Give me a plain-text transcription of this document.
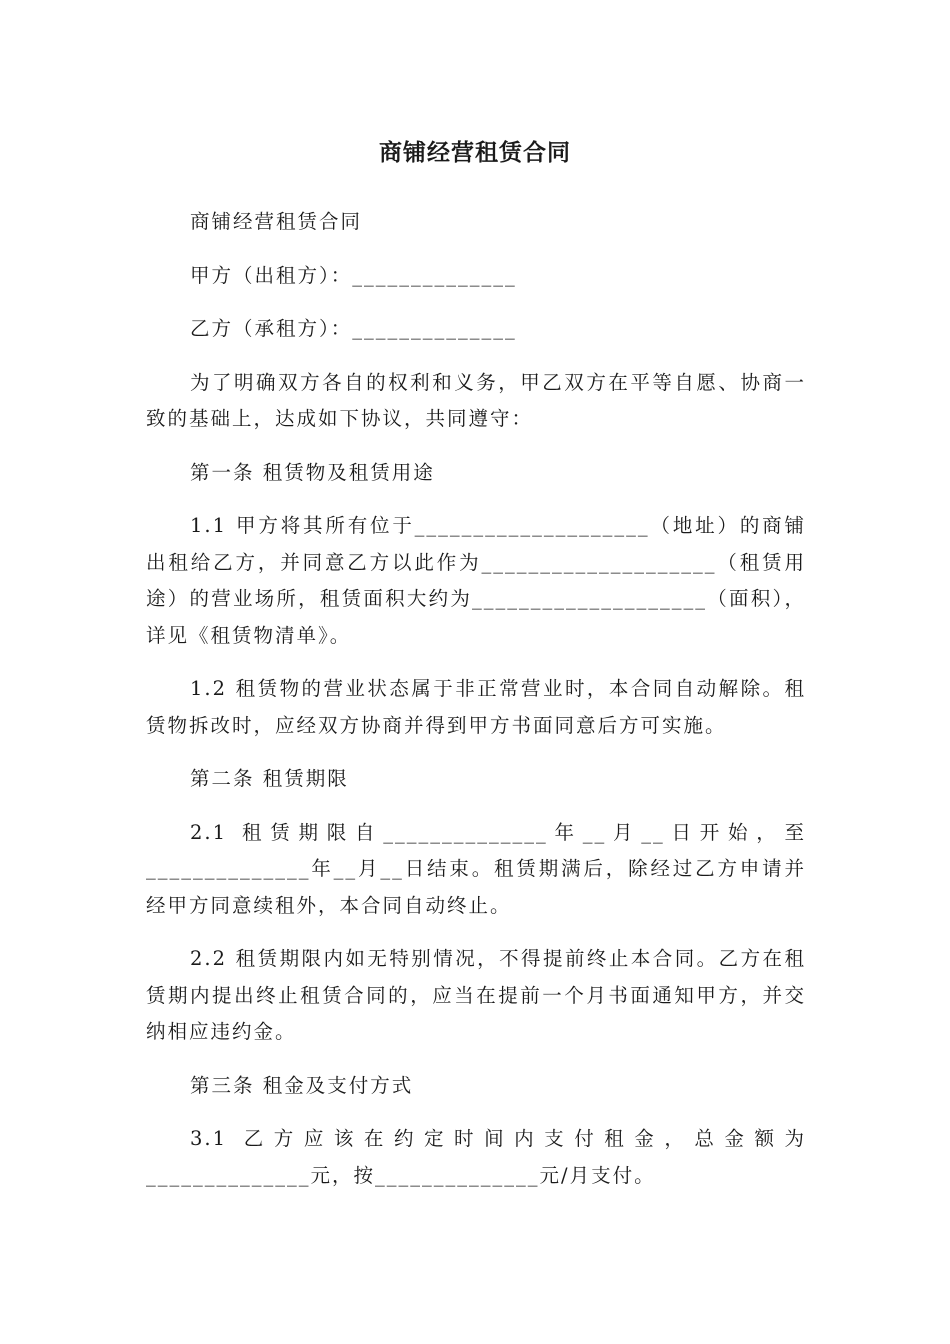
商铺经营租赁合同

商铺经营租赁合同

甲方（出租方）：______________

乙方（承租方）：______________

为了明确双方各自的权利和义务，甲乙双方在平等自愿、协商一致的基础上，达成如下协议，共同遵守：

第一条 租赁物及租赁用途

1.1 甲方将其所有位于____________________（地址）的商铺出租给乙方，并同意乙方以此作为____________________（租赁用途）的营业场所，租赁面积大约为____________________（面积），详见《租赁物清单》。

1.2 租赁物的营业状态属于非正常营业时，本合同自动解除。租赁物拆改时，应经双方协商并得到甲方书面同意后方可实施。

第二条 租赁期限

2.1 租赁期限自______________年__月__日开始，至______________年__月__日结束。租赁期满后，除经过乙方申请并经甲方同意续租外，本合同自动终止。

2.2 租赁期限内如无特别情况，不得提前终止本合同。乙方在租赁期内提出终止租赁合同的，应当在提前一个月书面通知甲方，并交纳相应违约金。

第三条 租金及支付方式

3.1 乙方应该在约定时间内支付租金，总金额为______________元，按______________元/月支付。
